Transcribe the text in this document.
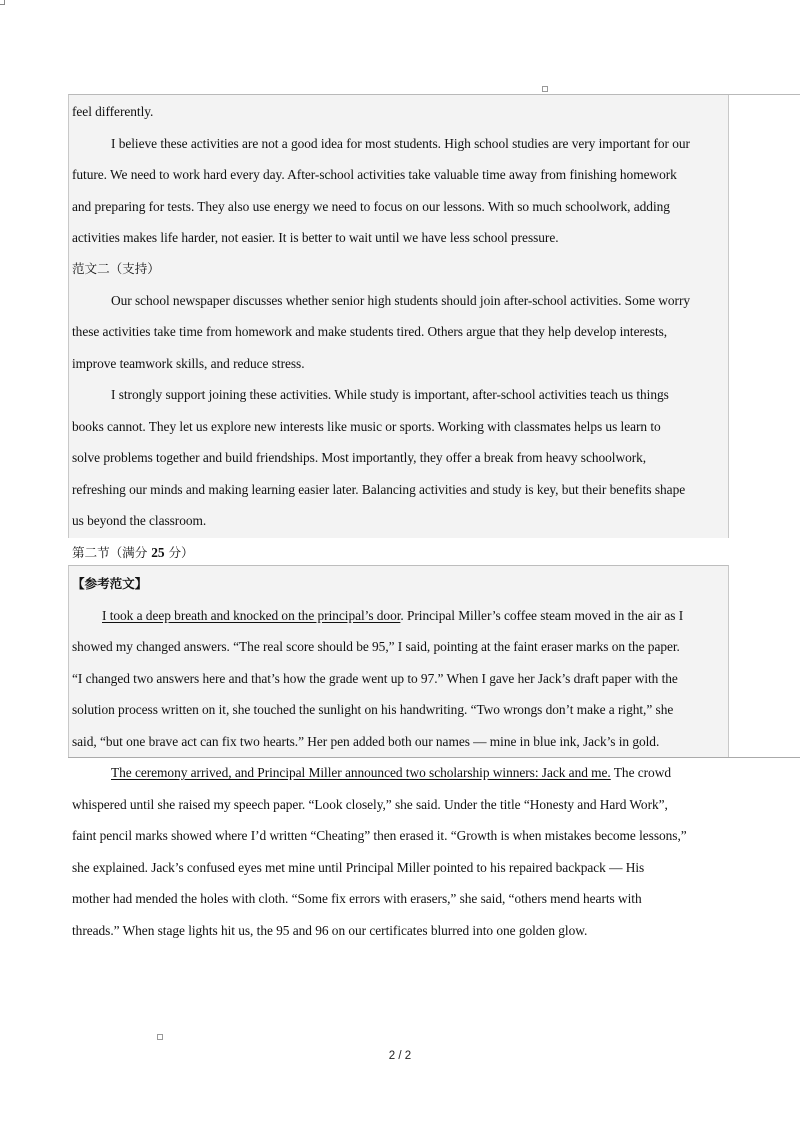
feel differently.
I believe these activities are not a good idea for most students. High school studies are very important for our
future. We need to work hard every day. After-school activities take valuable time away from finishing homework
and preparing for tests. They also use energy we need to focus on our lessons. With so much schoolwork, adding
activities makes life harder, not easier. It is better to wait until we have less school pressure.
范文二（支持）
Our school newspaper discusses whether senior high students should join after-school activities. Some worry
these activities take time from homework and make students tired. Others argue that they help develop interests,
improve teamwork skills, and reduce stress.
I strongly support joining these activities. While study is important, after-school activities teach us things
books cannot. They let us explore new interests like music or sports. Working with classmates helps us learn to
solve problems together and build friendships. Most importantly, they offer a break from heavy schoolwork,
refreshing our minds and making learning easier later. Balancing activities and study is key, but their benefits shape
us beyond the classroom.
第二节（满分 25 分）
【参考范文】
I took a deep breath and knocked on the principal’s door. Principal Miller’s coffee steam moved in the air as I
showed my changed answers. “The real score should be 95,” I said, pointing at the faint eraser marks on the paper.
“I changed two answers here and that’s how the grade went up to 97.” When I gave her Jack’s draft paper with the
solution process written on it, she touched the sunlight on his handwriting. “Two wrongs don’t make a right,” she
said, “but one brave act can fix two hearts.” Her pen added both our names — mine in blue ink, Jack’s in gold.
The ceremony arrived, and Principal Miller announced two scholarship winners: Jack and me. The crowd
whispered until she raised my speech paper. “Look closely,” she said. Under the title “Honesty and Hard Work”,
faint pencil marks showed where I’d written “Cheating” then erased it. “Growth is when mistakes become lessons,”
she explained. Jack’s confused eyes met mine until Principal Miller pointed to his repaired backpack — His
mother had mended the holes with cloth. “Some fix errors with erasers,” she said, “others mend hearts with
threads.” When stage lights hit us, the 95 and 96 on our certificates blurred into one golden glow.
2 / 2
